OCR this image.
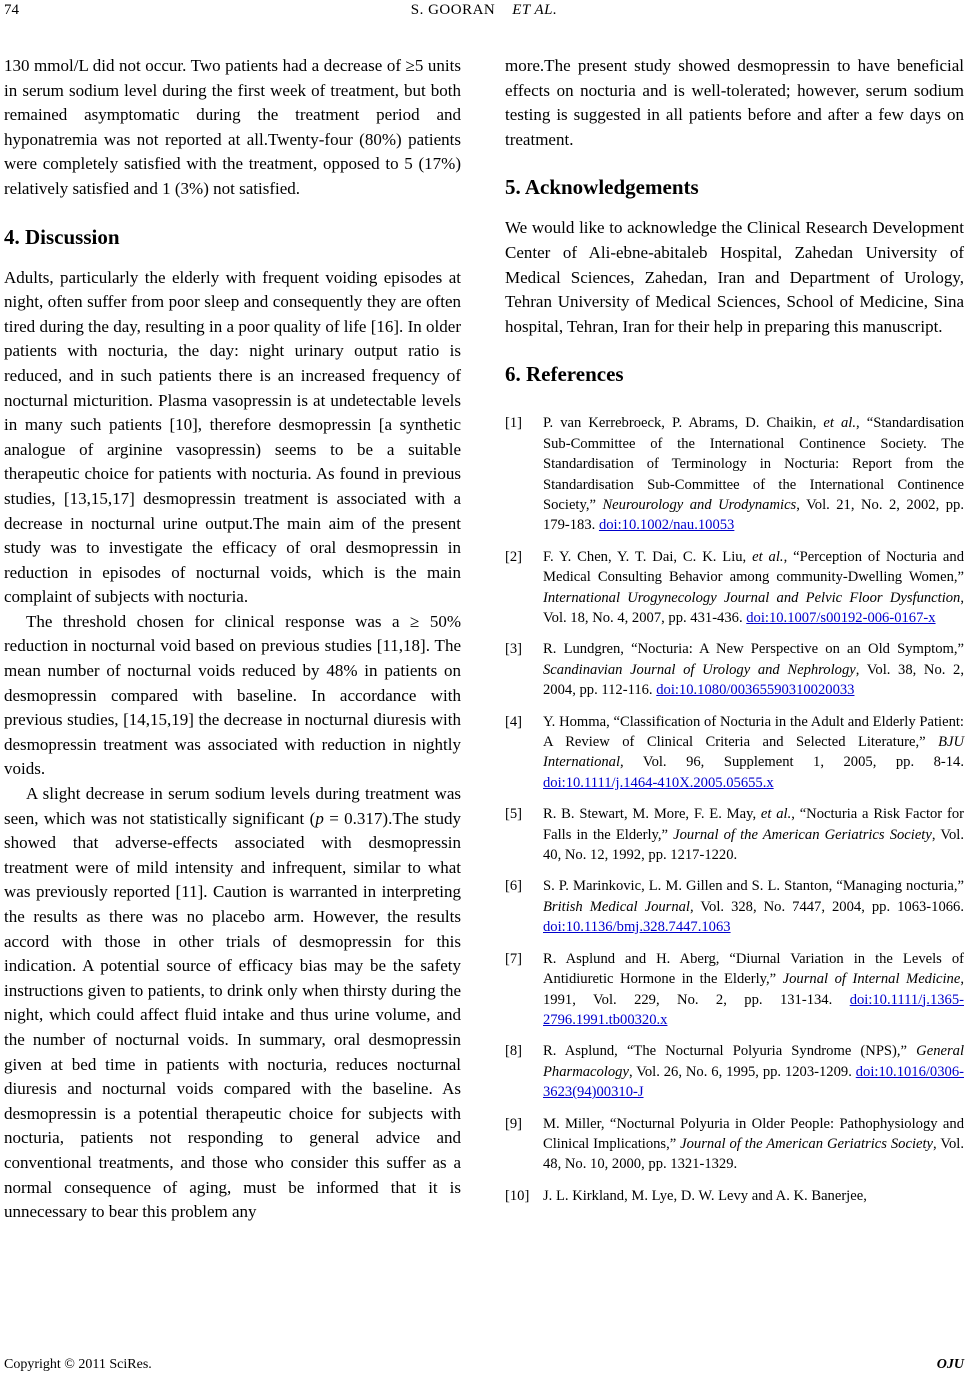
74	S. GOORAN ET AL.

130 mmol/L did not occur. Two patients had a decrease of ≥5 units in serum sodium level during the first week of treatment, but both remained asymptomatic during the treatment period and hyponatremia was not reported at all.Twenty-four (80%) patients were completely satisfied with the treatment, opposed to 5 (17%) relatively satisfied and 1 (3%) not satisfied.

4. Discussion

Adults, particularly the elderly with frequent voiding episodes at night, often suffer from poor sleep and consequently they are often tired during the day, resulting in a poor quality of life [16]. In older patients with nocturia, the day: night urinary output ratio is reduced, and in such patients there is an increased frequency of nocturnal micturition. Plasma vasopressin is at undetectable levels in many such patients [10], therefore desmopressin [a synthetic analogue of arginine vasopressin) seems to be a suitable therapeutic choice for patients with nocturia. As found in previous studies, [13,15,17] desmopressin treatment is associated with a decrease in nocturnal urine output.The main aim of the present study was to investigate the efficacy of oral desmopressin in reduction in episodes of nocturnal voids, which is the main complaint of subjects with nocturia.

The threshold chosen for clinical response was a ≥ 50% reduction in nocturnal void based on previous studies [11,18]. The mean number of nocturnal voids reduced by 48% in patients on desmopressin compared with baseline. In accordance with previous studies, [14,15,19] the decrease in nocturnal diuresis with desmopressin treatment was associated with reduction in nightly voids.

A slight decrease in serum sodium levels during treatment was seen, which was not statistically significant (p = 0.317).The study showed that adverse-effects associated with desmopressin treatment were of mild intensity and infrequent, similar to what was previously reported [11]. Caution is warranted in interpreting the results as there was no placebo arm. However, the results accord with those in other trials of desmopressin for this indication. A potential source of efficacy bias may be the safety instructions given to patients, to drink only when thirsty during the night, which could affect fluid intake and thus urine volume, and the number of nocturnal voids. In summary, oral desmopressin given at bed time in patients with nocturia, reduces nocturnal diuresis and nocturnal voids compared with the baseline. As desmopressin is a potential therapeutic choice for subjects with nocturia, patients not responding to general advice and conventional treatments, and those who consider this suffer as a normal consequence of aging, must be informed that it is unnecessary to bear this problem any

more.The present study showed desmopressin to have beneficial effects on nocturia and is well-tolerated; however, serum sodium testing is suggested in all patients before and after a few days on treatment.

5. Acknowledgements

We would like to acknowledge the Clinical Research Development Center of Ali-ebne-abitaleb Hospital, Zahedan University of Medical Sciences, Zahedan, Iran and Department of Urology, Tehran University of Medical Sciences, School of Medicine, Sina hospital, Tehran, Iran for their help in preparing this manuscript.

6. References
[1] P. van Kerrebroeck, P. Abrams, D. Chaikin, et al., “Standardisation Sub-Committee of the International Continence Society. The Standardisation of Terminology in Nocturia: Report from the Standardisation Sub-Committee of the International Continence Society,” Neurourology and Urodynamics, Vol. 21, No. 2, 2002, pp. 179-183. doi:10.1002/nau.10053
[2] F. Y. Chen, Y. T. Dai, C. K. Liu, et al., “Perception of Nocturia and Medical Consulting Behavior among community-Dwelling Women,” International Urogynecology Journal and Pelvic Floor Dysfunction, Vol. 18, No. 4, 2007, pp. 431-436. doi:10.1007/s00192-006-0167-x
[3] R. Lundgren, “Nocturia: A New Perspective on an Old Symptom,” Scandinavian Journal of Urology and Nephrology, Vol. 38, No. 2, 2004, pp. 112-116. doi:10.1080/00365590310020033
[4] Y. Homma, “Classification of Nocturia in the Adult and Elderly Patient: A Review of Clinical Criteria and Selected Literature,” BJU International, Vol. 96, Supplement 1, 2005, pp. 8-14. doi:10.1111/j.1464-410X.2005.05655.x
[5] R. B. Stewart, M. More, F. E. May, et al., “Nocturia a Risk Factor for Falls in the Elderly,” Journal of the American Geriatrics Society, Vol. 40, No. 12, 1992, pp. 1217-1220.
[6] S. P. Marinkovic, L. M. Gillen and S. L. Stanton, “Managing nocturia,” British Medical Journal, Vol. 328, No. 7447, 2004, pp. 1063-1066. doi:10.1136/bmj.328.7447.1063
[7] R. Asplund and H. Aberg, “Diurnal Variation in the Levels of Antidiuretic Hormone in the Elderly,” Journal of Internal Medicine, 1991, Vol. 229, No. 2, pp. 131-134. doi:10.1111/j.1365-2796.1991.tb00320.x
[8] R. Asplund, “The Nocturnal Polyuria Syndrome (NPS),” General Pharmacology, Vol. 26, No. 6, 1995, pp. 1203-1209. doi:10.1016/0306-3623(94)00310-J
[9] M. Miller, “Nocturnal Polyuria in Older People: Pathophysiology and Clinical Implications,” Journal of the American Geriatrics Society, Vol. 48, No. 10, 2000, pp. 1321-1329.
[10] J. L. Kirkland, M. Lye, D. W. Levy and A. K. Banerjee,
Copyright © 2011 SciRes.	OJU
